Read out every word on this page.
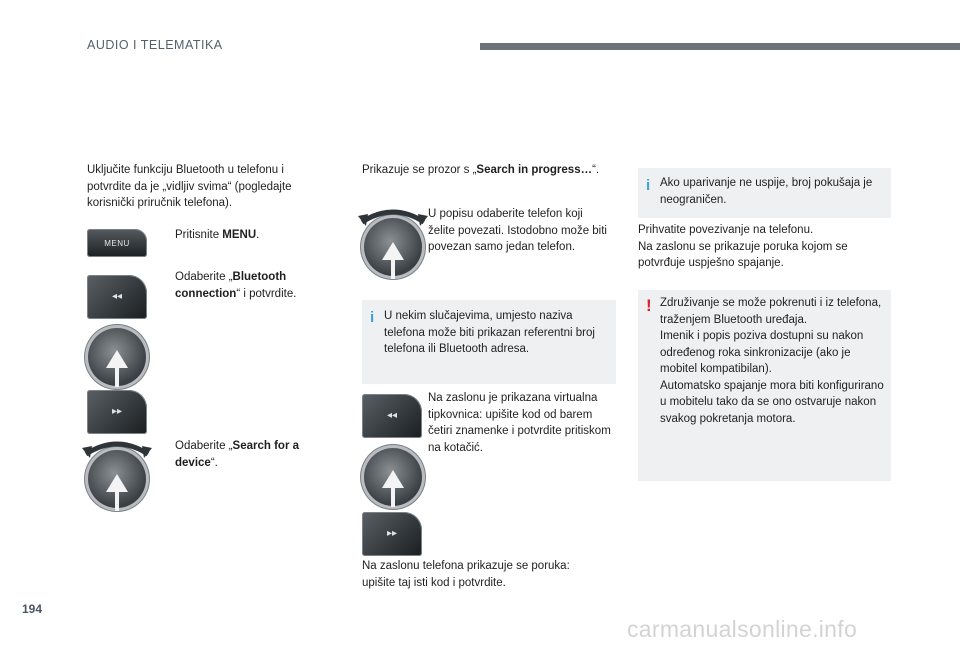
AUDIO I TELEMATIKA
Uključite funkciju Bluetooth u telefonu i potvrdite da je „vidljiv svima“ (pogledajte korisnički priručnik telefona).
MENU
Pritisnite MENU.
◂◂
Odaberite „Bluetooth connection“ i potvrdite.
▸▸
Odaberite „Search for a device“.
Prikazuje se prozor s „Search in progress…“.
U popisu odaberite telefon koji želite povezati. Istodobno može biti povezan samo jedan telefon.
i U nekim slučajevima, umjesto naziva telefona može biti prikazan referentni broj telefona ili Bluetooth adresa.
◂◂
Na zaslonu je prikazana virtualna tipkovnica: upišite kod od barem četiri znamenke i potvrdite pritiskom na kotačić.
▸▸
Na zaslonu telefona prikazuje se poruka: upišite taj isti kod i potvrdite.
i Ako uparivanje ne uspije, broj pokušaja je neograničen.
Prihvatite povezivanje na telefonu.
Na zaslonu se prikazuje poruka kojom se potvrđuje uspješno spajanje.
! Združivanje se može pokrenuti i iz telefona, traženjem Bluetooth uređaja.
Imenik i popis poziva dostupni su nakon određenog roka sinkronizacije (ako je mobitel kompatibilan).
Automatsko spajanje mora biti konfigurirano u mobitelu tako da se ono ostvaruje nakon svakog pokretanja motora.
194
carmanualsonline.info
